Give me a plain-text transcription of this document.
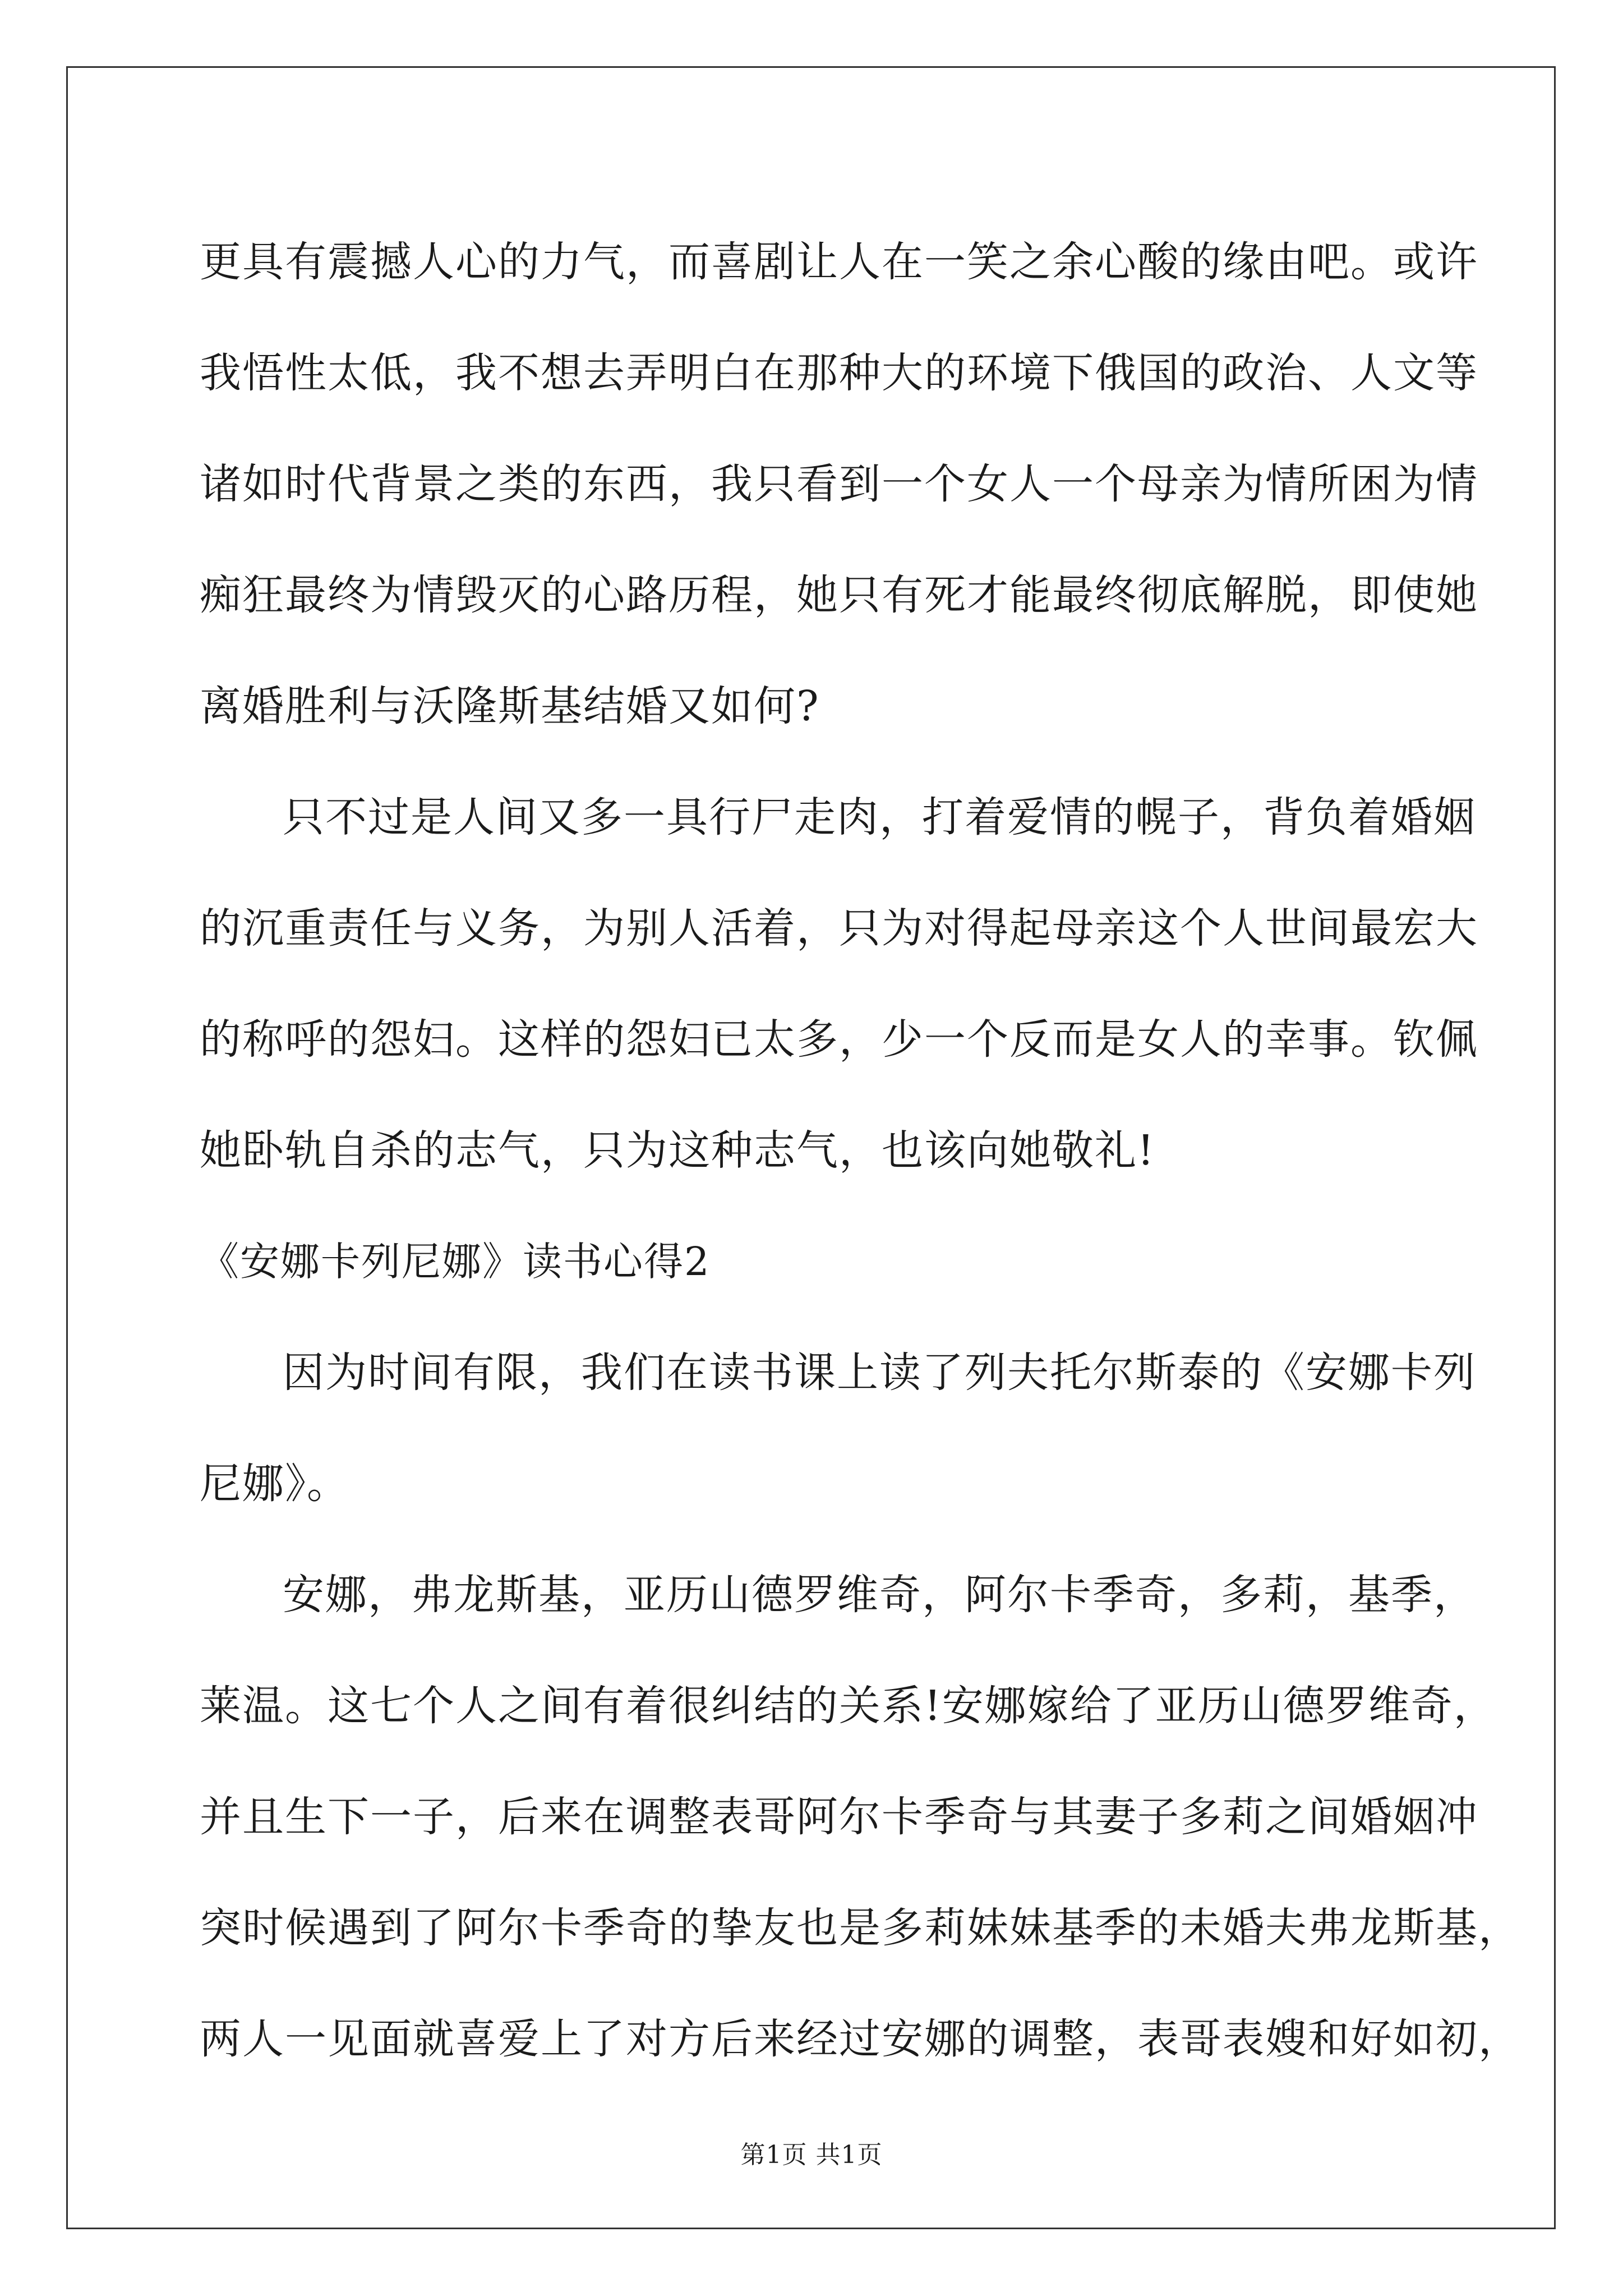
更具有震撼人心的力气，而喜剧让人在一笑之余心酸的缘由吧。或许
我悟性太低，我不想去弄明白在那种大的环境下俄国的政治、人文等
诸如时代背景之类的东西，我只看到一个女人一个母亲为情所困为情
痴狂最终为情毁灭的心路历程，她只有死才能最终彻底解脱，即使她
离婚胜利与沃隆斯基结婚又如何?
只不过是人间又多一具行尸走肉，打着爱情的幌子，背负着婚姻
的沉重责任与义务，为别人活着，只为对得起母亲这个人世间最宏大
的称呼的怨妇。这样的怨妇已太多，少一个反而是女人的幸事。钦佩
她卧轨自杀的志气，只为这种志气，也该向她敬礼!
《安娜卡列尼娜》读书心得2
因为时间有限，我们在读书课上读了列夫托尔斯泰的《安娜卡列
尼娜》。
安娜，弗龙斯基，亚历山德罗维奇，阿尔卡季奇，多莉，基季，
莱温。这七个人之间有着很纠结的关系!安娜嫁给了亚历山德罗维奇，
并且生下一子，后来在调整表哥阿尔卡季奇与其妻子多莉之间婚姻冲
突时候遇到了阿尔卡季奇的挚友也是多莉妹妹基季的未婚夫弗龙斯基，
两人一见面就喜爱上了对方后来经过安娜的调整，表哥表嫂和好如初，
第1页 共1页
